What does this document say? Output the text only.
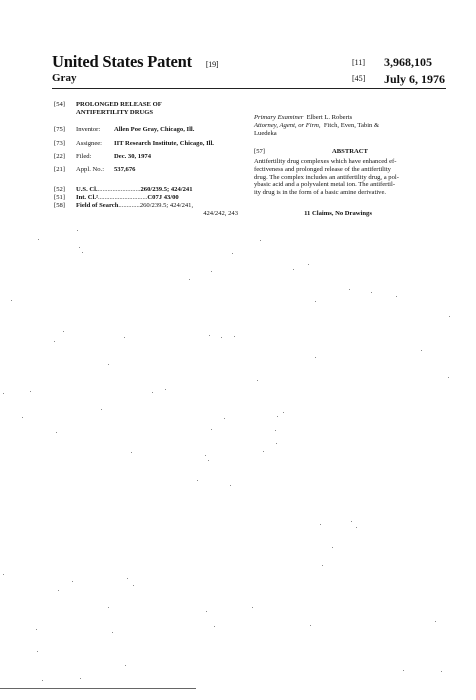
United States Patent [19]
Gray
[11] 3,968,105
[45] July 6, 1976
[54] PROLONGED RELEASE OF
ANTIFERTILITY DRUGS
[75] Inventor: Allen Poe Gray, Chicago, Ill.
[73] Assignee: IIT Research Institute, Chicago, Ill.
[22] Filed:	Dec. 30, 1974
[21] Appl. No.: 537,676
[52] U.S. Cl...........................260/239.5; 424/241
[51] Int. Cl.²..............................C07J 43/00
[58] Field of Search.............260/239.5; 424/241,
424/242, 243
Primary Examiner Elbert L. Roberts
Attorney, Agent, or Firm, Fitch, Even, Tabin &
Luedeka
[57]	ABSTRACT
Antifertility drug complexes which have enhanced ef-
fectiveness and prolonged release of the antifertility
drug. The complex includes an antifertility drug, a pol-
ybasic acid and a polyvalent metal ion. The antifertil-
ity drug is in the form of a basic amine derivative.
11 Claims, No Drawings
